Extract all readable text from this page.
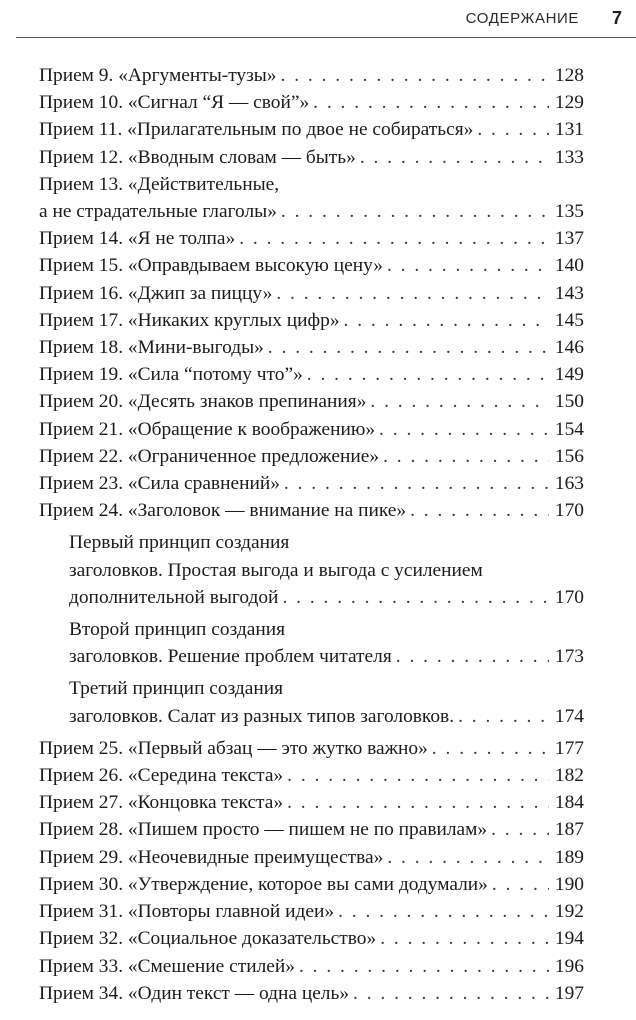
СОДЕРЖАНИЕ 7
Прием 9. «Аргументы-тузы» . . .	128
Прием 10. «Сигнал “Я — свой”» . . .	129
Прием 11. «Прилагательным по двое не собираться» . . .	131
Прием 12. «Вводным словам — быть» . . .	133
Прием 13. «Действительные,
а не страдательные глаголы» . . .	135
Прием 14. «Я не толпа» . . .	137
Прием 15. «Оправдываем высокую цену» . . .	140
Прием 16. «Джип за пиццу» . . .	143
Прием 17. «Никаких круглых цифр» . . .	145
Прием 18. «Мини-выгоды» . . .	146
Прием 19. «Сила “потому что”» . . .	149
Прием 20. «Десять знаков препинания» . . .	150
Прием 21. «Обращение к воображению» . . .	154
Прием 22. «Ограниченное предложение» . . .	156
Прием 23. «Сила сравнений» . . .	163
Прием 24. «Заголовок — внимание на пике» . . .	170
Первый принцип создания
заголовков. Простая выгода и выгода с усилением
дополнительной выгодой . . .	170
Второй принцип создания
заголовков. Решение проблем читателя . . .	173
Третий принцип создания
заголовков. Салат из разных типов заголовков. . . .	174
Прием 25. «Первый абзац — это жутко важно» . . .	177
Прием 26. «Середина текста» . . .	182
Прием 27. «Концовка текста» . . .	184
Прием 28. «Пишем просто — пишем не по правилам» . . .	187
Прием 29. «Неочевидные преимущества» . . .	189
Прием 30. «Утверждение, которое вы сами додумали» . . .	190
Прием 31. «Повторы главной идеи» . . .	192
Прием 32. «Социальное доказательство» . . .	194
Прием 33. «Смешение стилей» . . .	196
Прием 34. «Один текст — одна цель» . . .	197
